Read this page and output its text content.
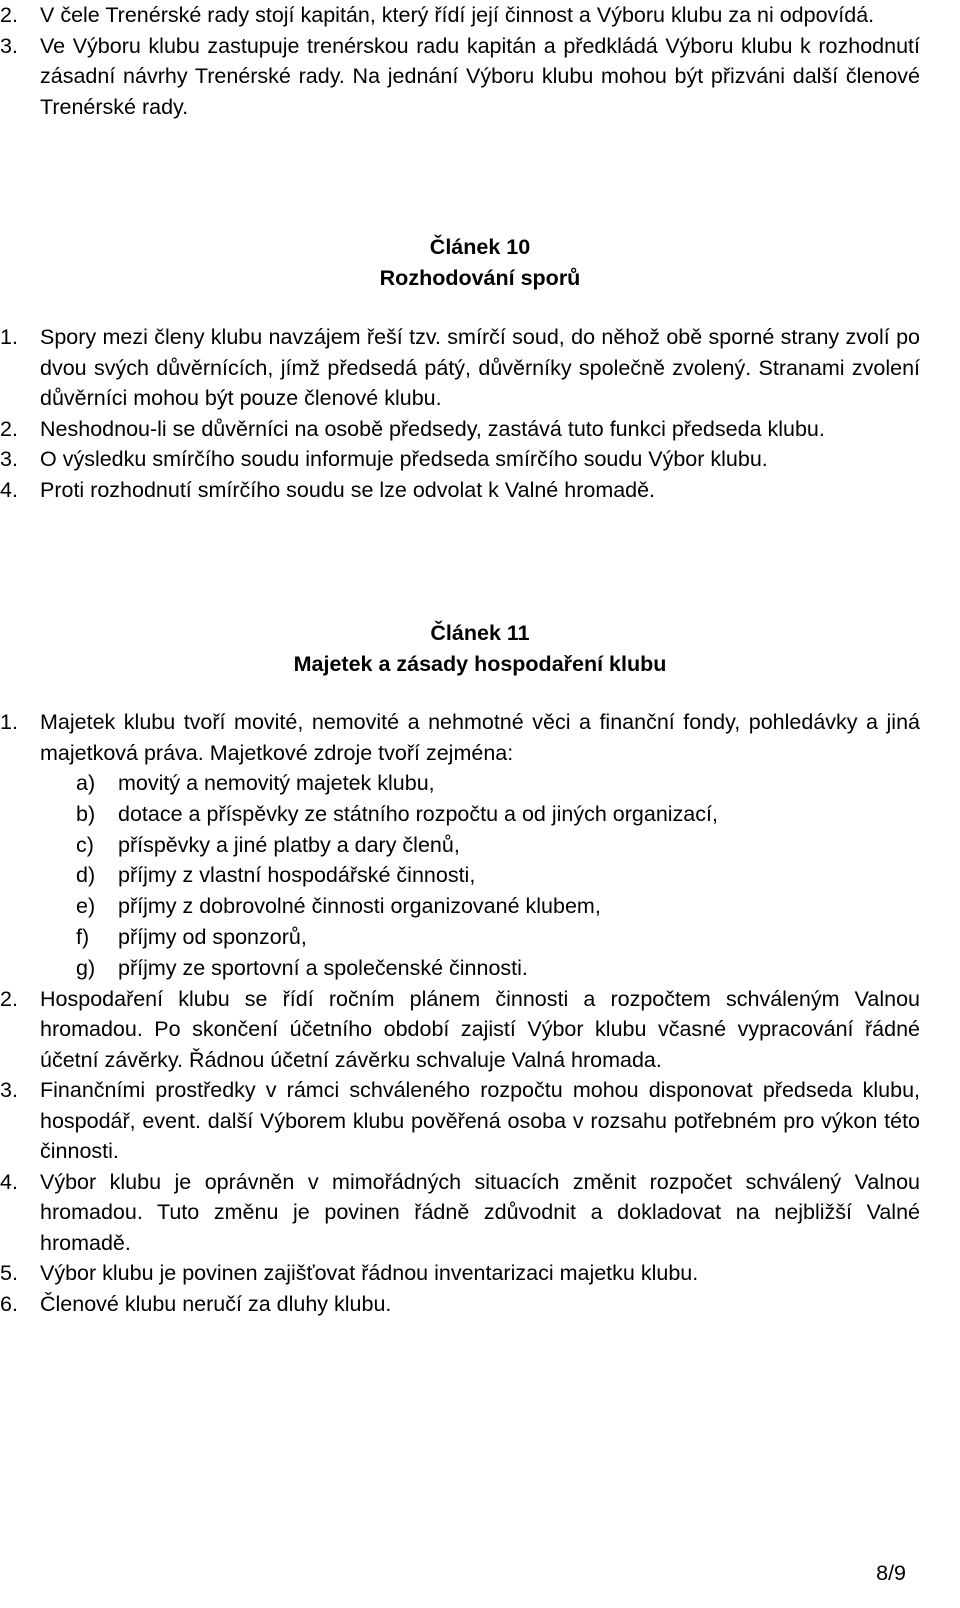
2. V čele Trenérské rady stojí kapitán, který řídí její činnost a Výboru klubu za ni odpovídá.
3. Ve Výboru klubu zastupuje trenérskou radu kapitán a předkládá Výboru klubu k rozhodnutí zásadní návrhy Trenérské rady. Na jednání Výboru klubu mohou být přizváni další členové Trenérské rady.
Článek 10
Rozhodování sporů
1. Spory mezi členy klubu navzájem řeší tzv. smírčí soud, do něhož obě sporné strany zvolí po dvou svých důvěrnících, jímž předsedá pátý, důvěrníky společně zvolený. Stranami zvolení důvěrníci mohou být pouze členové klubu.
2. Neshodnou-li se důvěrníci na osobě předsedy, zastává tuto funkci předseda klubu.
3. O výsledku smírčího soudu informuje předseda smírčího soudu Výbor klubu.
4. Proti rozhodnutí smírčího soudu se lze odvolat k Valné hromadě.
Článek 11
Majetek a zásady hospodaření klubu
1. Majetek klubu tvoří movité, nemovité a nehmotné věci a finanční fondy, pohledávky a jiná majetková práva. Majetkové zdroje tvoří zejména:
a) movitý a nemovitý majetek klubu,
b) dotace a příspěvky ze státního rozpočtu a od jiných organizací,
c) příspěvky a jiné platby a dary členů,
d) příjmy z vlastní hospodářské činnosti,
e) příjmy z dobrovolné činnosti organizované klubem,
f) příjmy od sponzorů,
g) příjmy ze sportovní a společenské činnosti.
2. Hospodaření klubu se řídí ročním plánem činnosti a rozpočtem schváleným Valnou hromadou. Po skončení účetního období zajistí Výbor klubu včasné vypracování řádné účetní závěrky. Řádnou účetní závěrku schvaluje Valná hromada.
3. Finančními prostředky v rámci schváleného rozpočtu mohou disponovat předseda klubu, hospodář, event. další Výborem klubu pověřená osoba v rozsahu potřebném pro výkon této činnosti.
4. Výbor klubu je oprávněn v mimořádných situacích změnit rozpočet schválený Valnou hromadou. Tuto změnu je povinen řádně zdůvodnit a dokladovat na nejbližší Valné hromadě.
5. Výbor klubu je povinen zajišťovat řádnou inventarizaci majetku klubu.
6. Členové klubu neručí za dluhy klubu.
8/9
